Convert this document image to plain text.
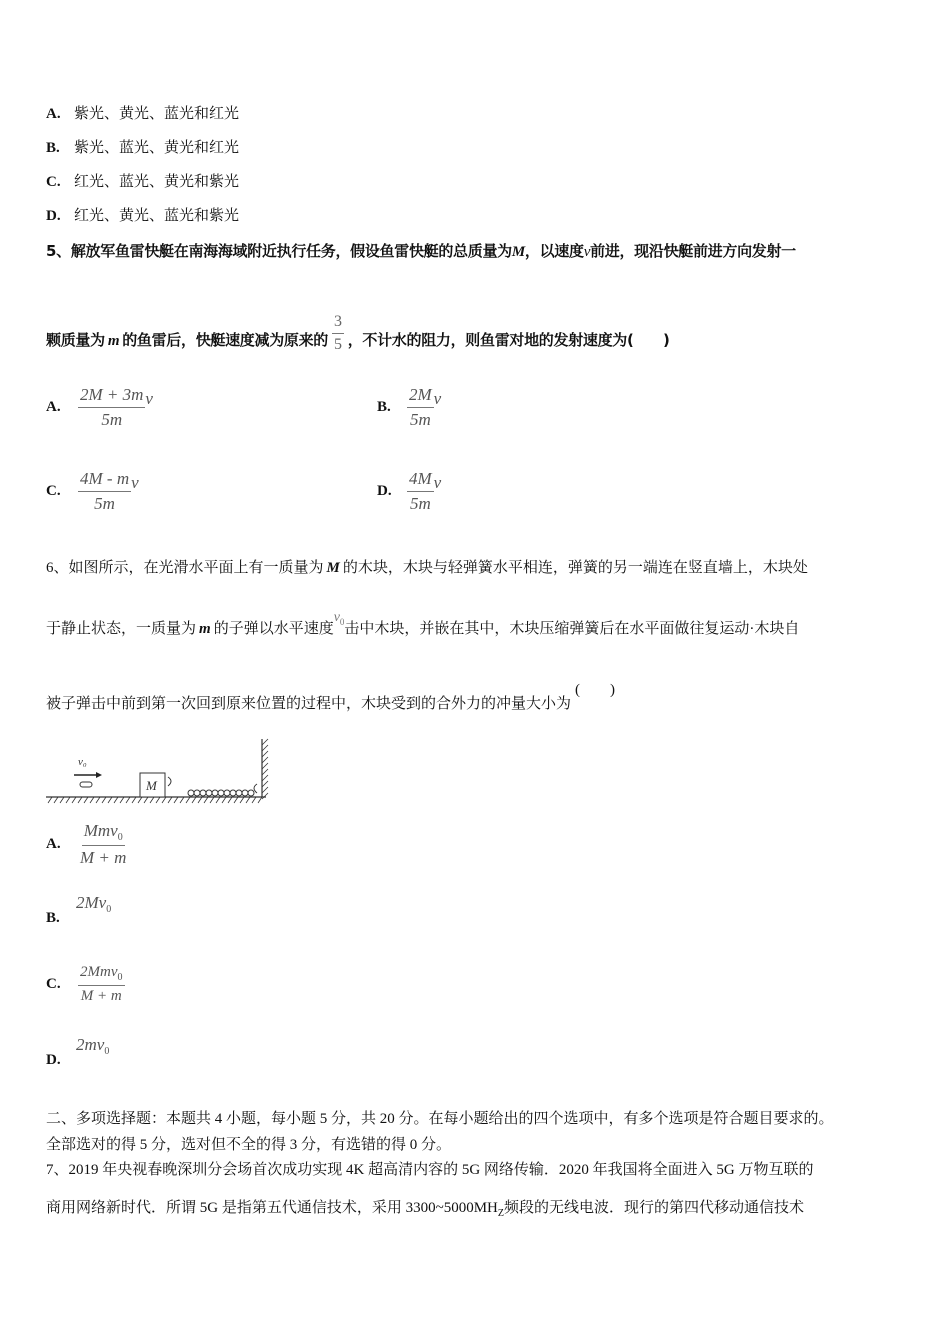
A. 紫光、黄光、蓝光和红光
B. 紫光、蓝光、黄光和红光
C. 红光、蓝光、黄光和紫光
D. 红光、黄光、蓝光和紫光
5、解放军鱼雷快艇在南海海域附近执行任务，假设鱼雷快艇的总质量为M，以速度v前进，现沿快艇前进方向发射一
颗质量为 m 的鱼雷后，快艇速度减为原来的 $\frac{3}{5}$ ，不计水的阻力，则鱼雷对地的发射速度为(　　)
A.	$\frac{2M + 3m}{5m}$ v	B. $\frac{2M}{5m}$ v
C.	$\frac{4M - m}{5m}$ v	D. $\frac{4M}{5m}$ v
6、如图所示，在光滑水平面上有一质量为 M 的木块，木块与轻弹簧水平相连，弹簧的另一端连在竖直墙上，木块处
于静止状态，一质量为 m 的子弹以水平速度$v_0$击中木块，并嵌在其中，木块压缩弹簧后在水平面做往复运动·木块自
被子弹击中前到第一次回到原来位置的过程中，木块受到的合外力的冲量大小为(　　)
v₀
M
A.	$\frac{Mmv_0}{M + m}$
B.
$2Mv_0$
C.	$\frac{2Mmv_0}{M + m}$
D.
$2mv_0$
二、多项选择题：本题共 4 小题，每小题 5 分，共 20 分。在每小题给出的四个选项中，有多个选项是符合题目要求的。
全部选对的得 5 分，选对但不全的得 3 分，有选错的得 0 分。
7、2019 年央视春晚深圳分会场首次成功实现 4K 超高清内容的 5G 网络传输．2020 年我国将全面进入 5G 万物互联的
商用网络新时代．所谓 5G 是指第五代通信技术，采用 $3300\sim 5000MH_Z$频段的无线电波．现行的第四代移动通信技术
